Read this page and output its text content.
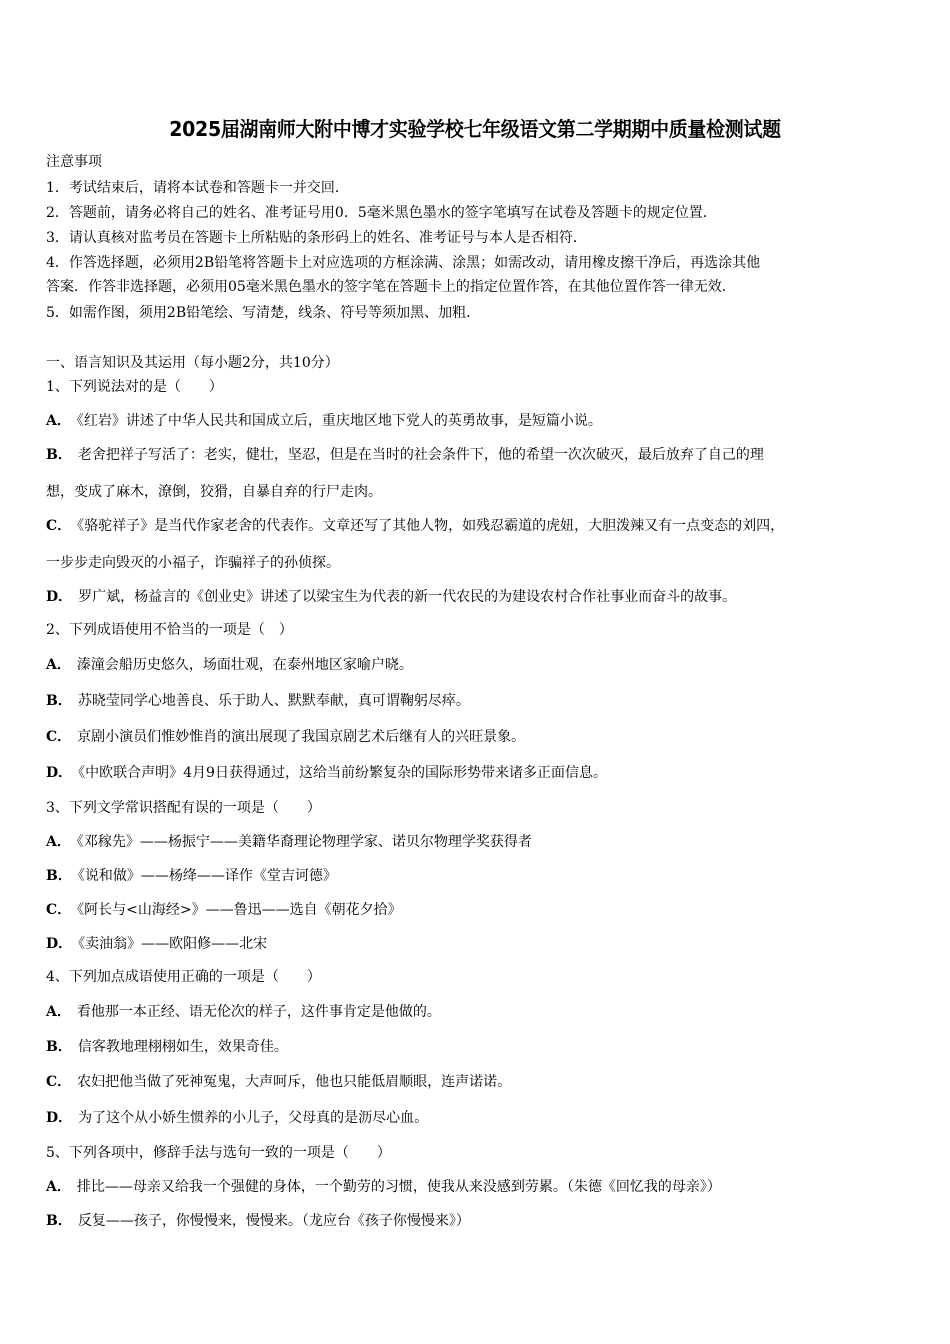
2025届湖南师大附中博才实验学校七年级语文第二学期期中质量检测试题
注意事项
1．考试结束后，请将本试卷和答题卡一并交回．
2．答题前，请务必将自己的姓名、准考证号用0．5毫米黑色墨水的签字笔填写在试卷及答题卡的规定位置．
3．请认真核对监考员在答题卡上所粘贴的条形码上的姓名、准考证号与本人是否相符．
4．作答选择题，必须用2B铅笔将答题卡上对应选项的方框涂满、涂黑；如需改动，请用橡皮擦干净后，再选涂其他
答案．作答非选择题，必须用05毫米黑色墨水的签字笔在答题卡上的指定位置作答，在其他位置作答一律无效．
5．如需作图，须用2B铅笔绘、写清楚，线条、符号等须加黑、加粗．
一、语言知识及其运用（每小题2分，共10分）
1、下列说法对的是（　　）
A． 《红岩》讲述了中华人民共和国成立后，重庆地区地下党人的英勇故事，是短篇小说。
B． 老舍把祥子写活了：老实，健壮，坚忍，但是在当时的社会条件下，他的希望一次次破灭，最后放弃了自己的理
想，变成了麻木，潦倒，狡猾，自暴自弃的行尸走肉。
C． 《骆驼祥子》是当代作家老舍的代表作。文章还写了其他人物，如残忍霸道的虎妞，大胆泼辣又有一点变态的刘四，
一步步走向毁灭的小福子，诈骗祥子的孙侦探。
D． 罗广斌，杨益言的《创业史》讲述了以梁宝生为代表的新一代农民的为建设农村合作社事业而奋斗的故事。
2、下列成语使用不恰当的一项是（　）
A． 溱潼会船历史悠久，场面壮观，在泰州地区家喻户晓。
B． 苏晓莹同学心地善良、乐于助人、默默奉献，真可谓鞠躬尽瘁。
C． 京剧小演员们惟妙惟肖的演出展现了我国京剧艺术后继有人的兴旺景象。
D． 《中欧联合声明》4月9日获得通过，这给当前纷繁复杂的国际形势带来诸多正面信息。
3、下列文学常识搭配有误的一项是（　　）
A． 《邓稼先》——杨振宁——美籍华裔理论物理学家、诺贝尔物理学奖获得者
B． 《说和做》——杨绛——译作《堂吉诃德》
C． 《阿长与<山海经>》——鲁迅——选自《朝花夕拾》
D． 《卖油翁》——欧阳修——北宋
4、下列加点成语使用正确的一项是（　　）
A． 看他那一本正经、语无伦次的样子，这件事肯定是他做的。
B． 信客教地理栩栩如生，效果奇佳。
C． 农妇把他当做了死神冤鬼，大声呵斥，他也只能低眉顺眼，连声诺诺。
D． 为了这个从小娇生惯养的小儿子，父母真的是沥尽心血。
5、下列各项中，修辞手法与选句一致的一项是（　　）
A． 排比——母亲又给我一个强健的身体，一个勤劳的习惯，使我从来没感到劳累。（朱德《回忆我的母亲》）
B． 反复——孩子，你慢慢来，慢慢来。（龙应台《孩子你慢慢来》）
